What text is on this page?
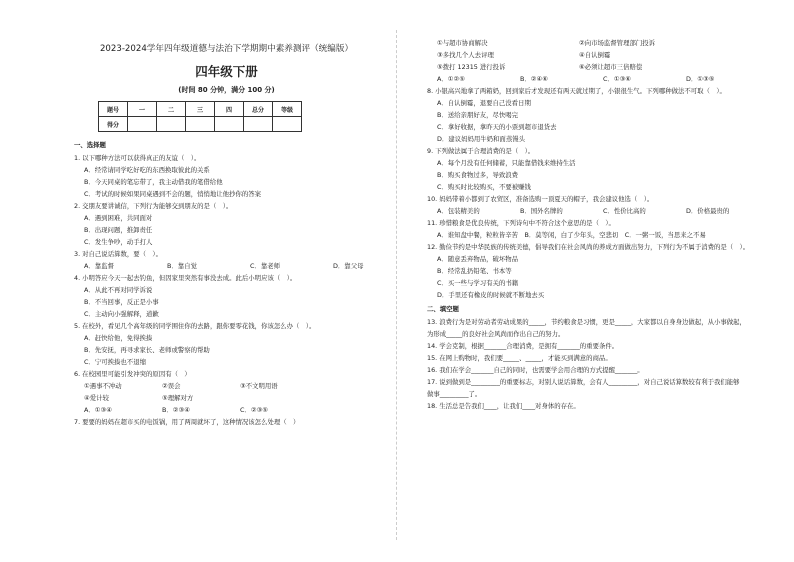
2023-2024学年四年级道德与法治下学期期中素养测评（统编版）
四年级下册
(时间 80 分钟，满分 100 分)
题号	一	二	三	四	总分	等级
得分						
一、选择题
1. 以下哪种方法可以获得真正的友谊（　）。
A．经常请同学吃好吃的东西换取彼此的关系
B．今天同桌的笔忘带了，我主动借我的笔借给他
C．考试的时候如果同桌遇到不会的题，悄悄地让他抄你的答案
2. 交朋友要讲诚信，下列行为能够交到朋友的是（　）。
A．遇到困难，共同面对
B．出现问题，推卸责任
C．发生争吵，动手打人
3. 对自己说话算数，要（　）。
A．靠监督	B．靠自觉	C．靠老师	D．靠父母
4. 小明答应今天一起去钓鱼，但因家里突然有事没去成。此后小明应该（　）。
A．从此不再对同学诉说
B．不当回事，反正是小事
C．主动向小强解释，道歉
5. 在校外，看见几个高年级的同学围住你的去路，跟你要零花钱，你该怎么办（　）。
A．赶快给他，免得挨揍
B．先安抚，再寻求家长、老师或警察的帮助
C．宁可挨揍也不退缩
6. 在校园里可能引发冲突的原因有（　）
①遇事不冲动	②误会	③不文明用语
④爱计较	⑤理解对方
A．①③④	B．②③④	C．②③⑤
7. 要要的妈妈在超市买的电饭锅，用了两周就坏了，这种情况该怎么处理（　）
①与超市协商解决	②向市场监督管理部门投诉
③多找几个人去评理	④自认倒霉
⑤拨打 12315 进行投诉	⑥必须让超市三倍赔偿
A．①②⑤	B．②④⑥	C．①③⑥	D．①③⑤
8. 小银高兴地拿了两箱奶，回到家后才发现还有两天就过期了，小银很生气。下列哪种做法不可取（　）。
A．自认倒霉，退要自己没看日期
B．送给亲朋好友，尽快喝完
C．拿好收据，拿昨天的小票到超市退货去
D．建议妈妈用牛奶和面蒸馒头
9. 下列做法属于合理消费的是（　）。
A．每个月没有任何储蓄，只能靠借钱来维持生活
B．购买食物过多，导致浪费
C．购买时比较购买，不要被赚钱
10. 妈妈带着小都到了农贸区，准备选购一顶夏天的帽子，我会建议他选（　）。
A．包装精美的	B．国外名牌的	C．性价比高的	D．价格最贵的
11. 珍惜粮食是优良传统，下列诗句中不符合这个意思的是（　）。
A．谁知盘中餐，粒粒皆辛苦　B．莫等闲，白了少年头，空悲切　C．一粥一饭，当思来之不易
12. 勤俭节约是中华民族的传统美德，倡导我们在社会风尚的养成方面做出努力，下列行为不属于消费的是（　）。
A．随意丢弃物品，破坏物品
B．经常乱扔铅笔、书本等
C．买一些与学习有关的书籍
D．手里还有橡皮的时候就不断地去买
二、填空题
13. 浪费行为是对劳动者劳动成果的_____，节约粮食是习惯，更是_____，大家都以自身身边做起，从小事做起，
为形成_____的良好社会风尚而作出自己的努力。
14. 学会克制，根据_______合理消费，是拥有_______的重要条件。
15. 在网上购物时，我们要_____、_____，才能买到满意的商品。
16. 我们在学会_______自己的同时，也需要学会用合理的方式提醒_______。
17. 说到做到是_________的重要标志，对别人说话算数，会有人_________，对自己说话算数较有利于我们能够
做事_________了。
18. 生活总是告我们____，让我们____对身体的存在。
